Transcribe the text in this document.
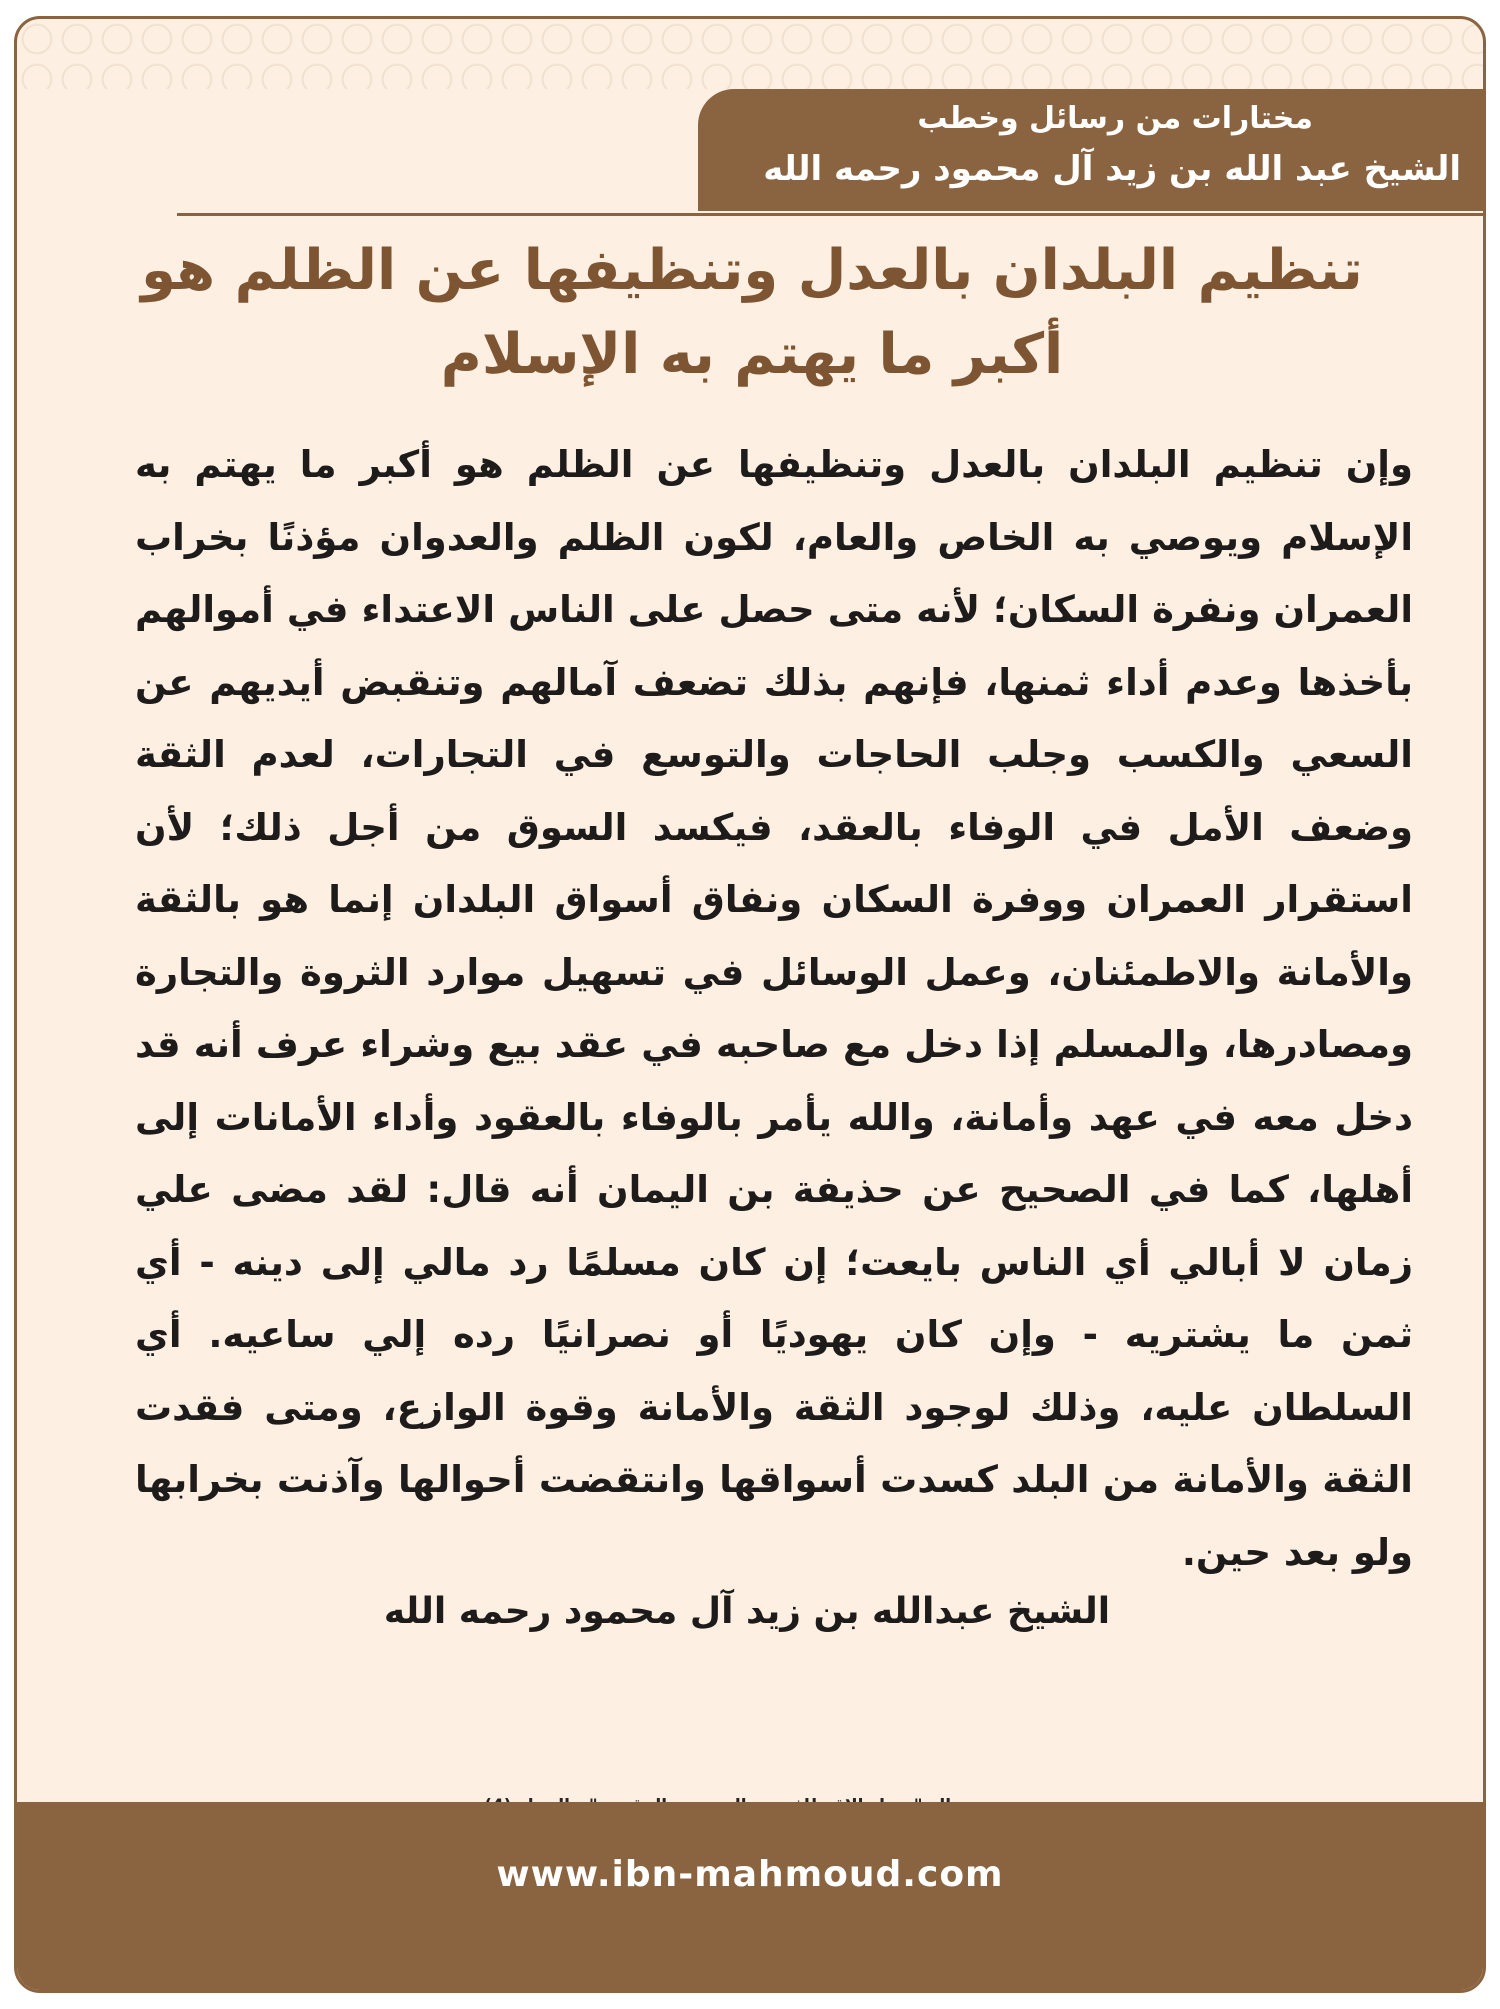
مختارات من رسائل وخطب
الشيخ عبد الله بن زيد آل محمود رحمه الله
تنظيم البلدان بالعدل وتنظيفها عن الظلم هو
أكبر ما يهتم به الإسلام
وإن تنظيم البلدان بالعدل وتنظيفها عن الظلم هو أكبر ما يهتم به الإسلام ويوصي به الخاص والعام، لكون الظلم والعدوان مؤذنًا بخراب العمران ونفرة السكان؛ لأنه متى حصل على الناس الاعتداء في أموالهم بأخذها وعدم أداء ثمنها، فإنهم بذلك تضعف آمالهم وتنقبض أيديهم عن السعي والكسب وجلب الحاجات والتوسع في التجارات، لعدم الثقة وضعف الأمل في الوفاء بالعقد، فيكسد السوق من أجل ذلك؛ لأن استقرار العمران ووفرة السكان ونفاق أسواق البلدان إنما هو بالثقة والأمانة والاطمئنان، وعمل الوسائل في تسهيل موارد الثروة والتجارة ومصادرها، والمسلم إذا دخل مع صاحبه في عقد بيع وشراء عرف أنه قد دخل معه في عهد وأمانة، والله يأمر بالوفاء بالعقود وأداء الأمانات إلى أهلها، كما في الصحيح عن حذيفة بن اليمان أنه قال: لقد مضى علي زمان لا أبالي أي الناس بايعت؛ إن كان مسلمًا رد مالي إلى دينه - أي ثمن ما يشتريه - وإن كان يهوديًا أو نصرانيًا رده إلي ساعيه. أي السلطان عليه، وذلك لوجود الثقة والأمانة وقوة الوازع، ومتى فقدت الثقة والأمانة من البلد كسدت أسواقها وانتقضت أحوالها وآذنت بخرابها ولو بعد حين.
الشيخ عبدالله بن زيد آل محمود رحمه الله
www.ibn-mahmoud.com
